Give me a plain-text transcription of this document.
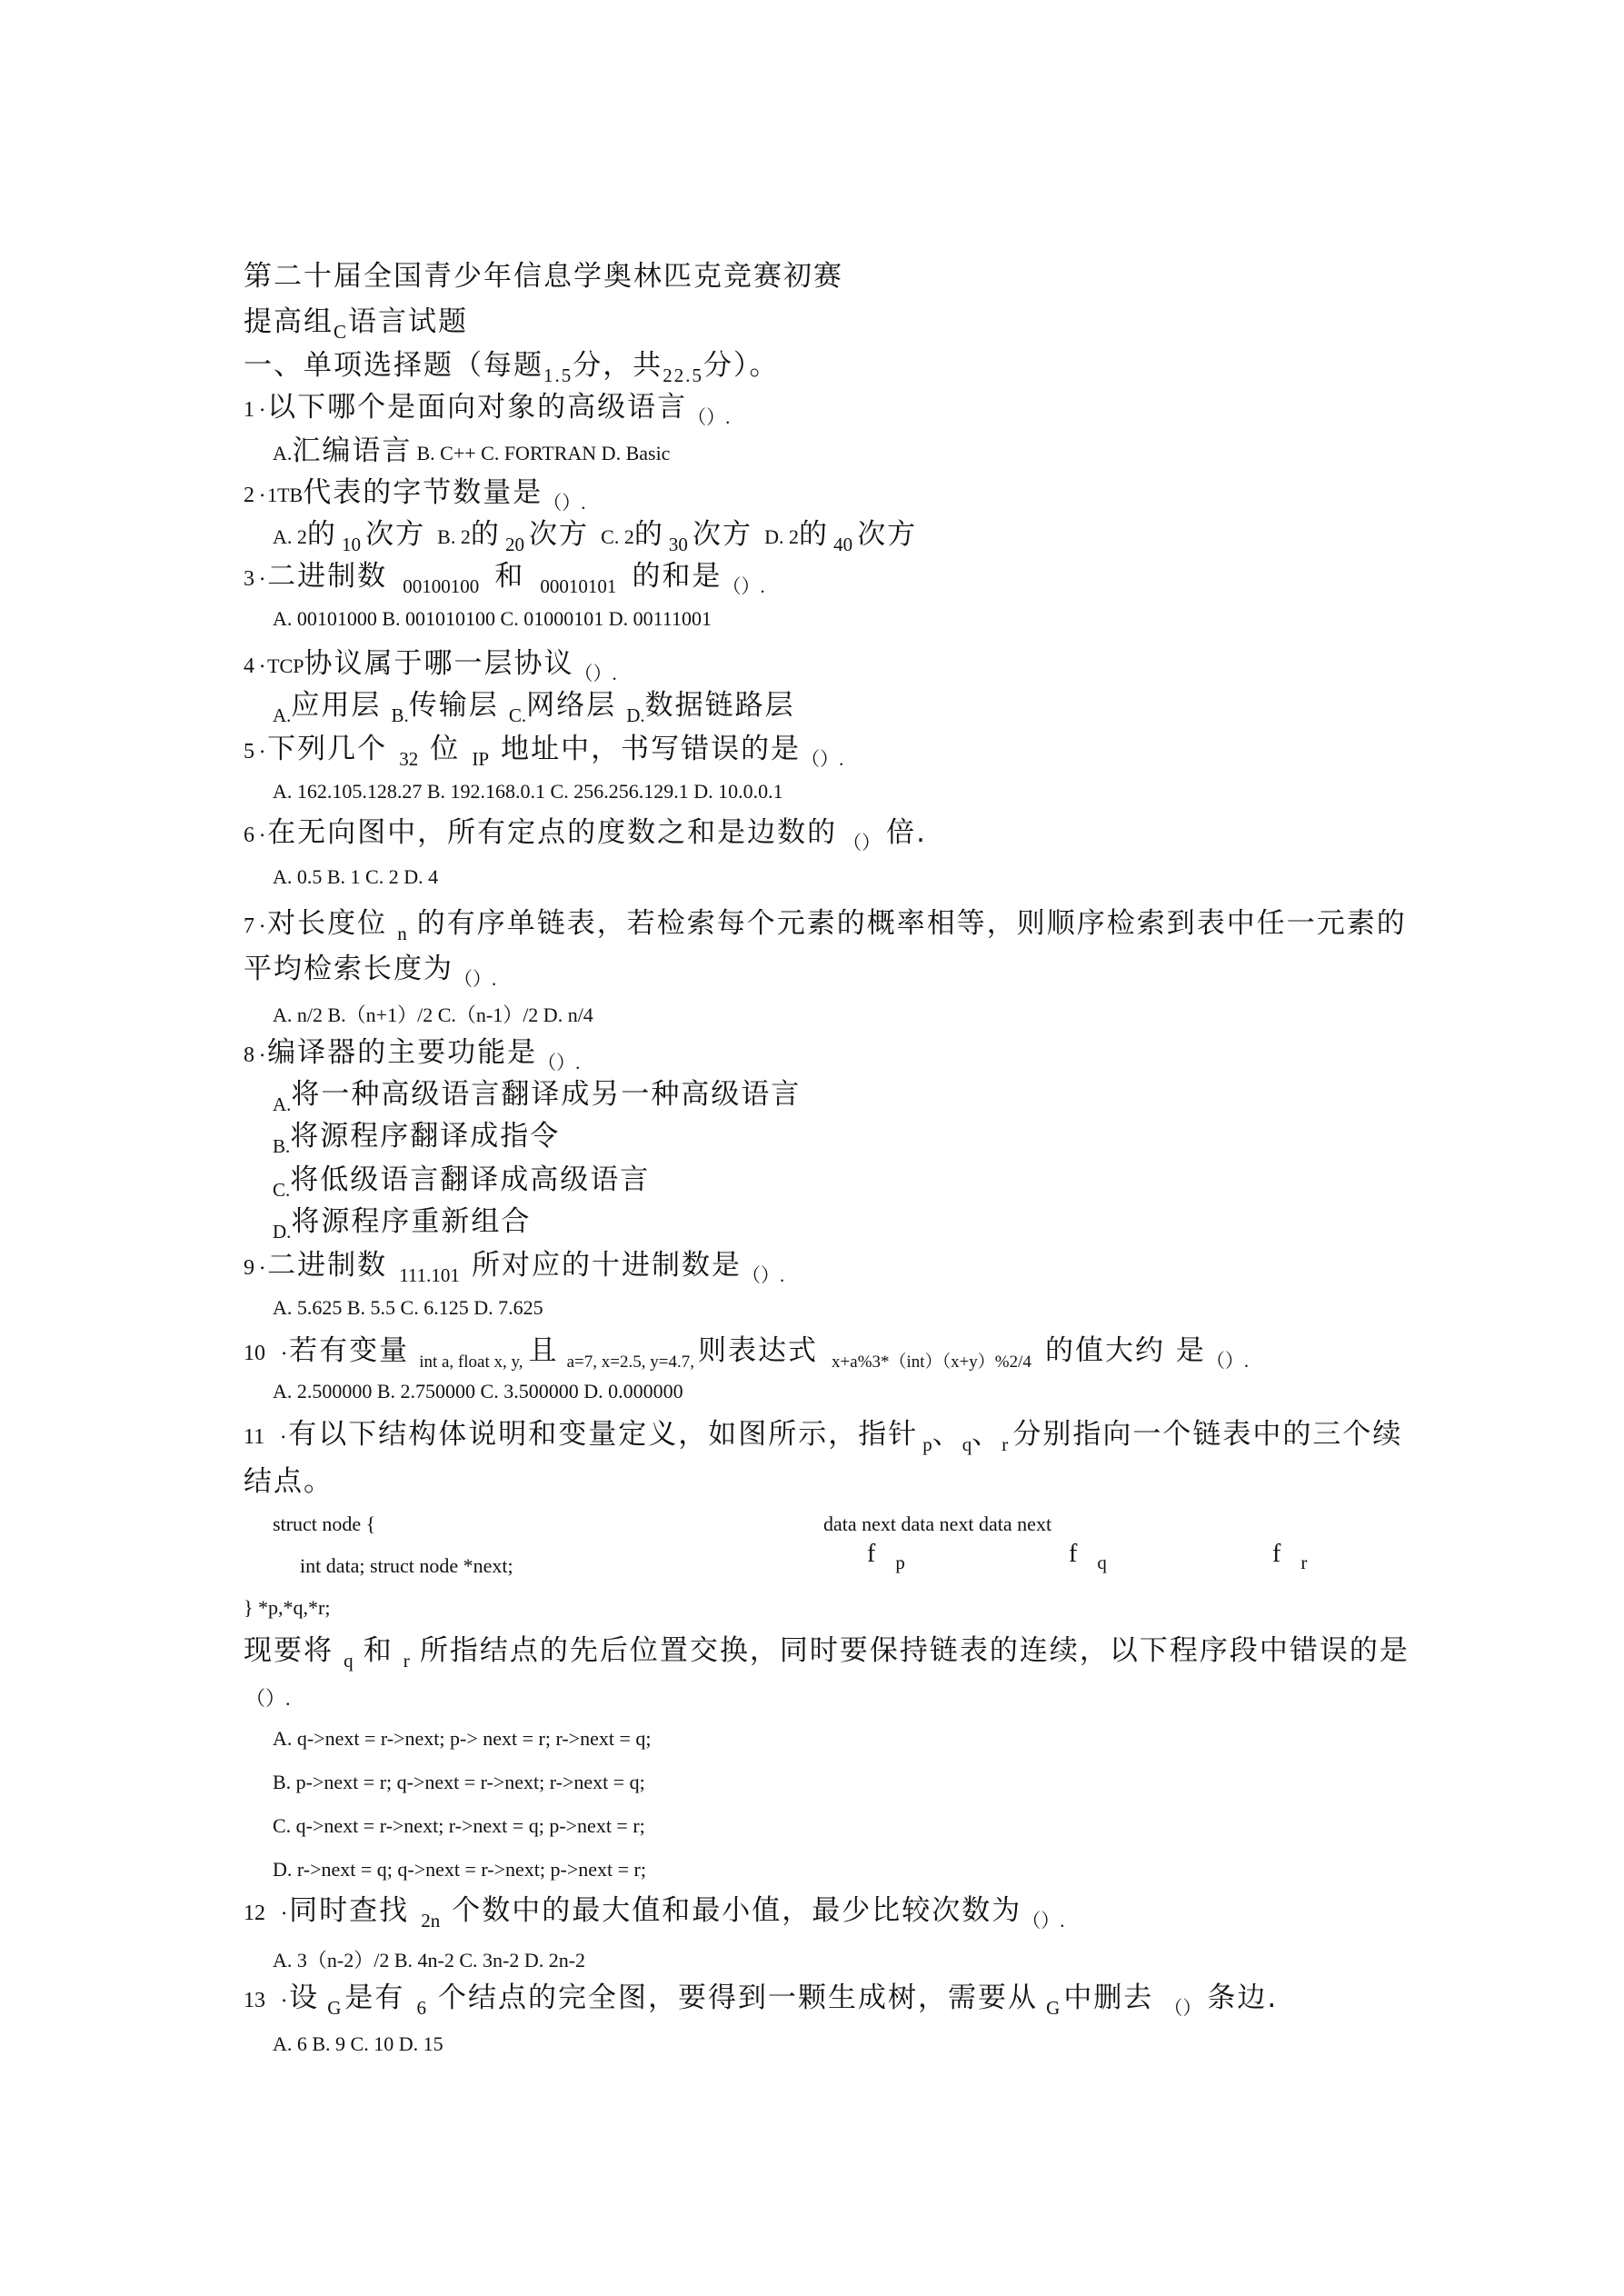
第二十届全国青少年信息学奥林匹克竞赛初赛
提高组$_C$语言试题
一、单项选择题（每题$_{1.5}$分，共$_{22.5}$分）。
1 .以下哪个是面向对象的高级语言（）.
A.汇编语言 B. C++ C. FORTRAN D. Basic
2 .1TB代表的字节数量是（）.
A. 2的 10 次方 B. 2的 20 次方 C. 2的 30 次方 D. 2的 40 次方
3 .二进制数 00100100 和 00010101 的和是（）.
A. 00101000 B. 001010100 C. 01000101 D. 00111001
4 .TCP协议属于哪一层协议（）.
A.应用层 B.传输层 C.网络层 D.数据链路层
5 .下列几个 32 位 IP 地址中，书写错误的是（）.
A. 162.105.128.27 B. 192.168.0.1 C. 256.256.129.1 D. 10.0.0.1
6 .在无向图中，所有定点的度数之和是边数的 （） 倍.
A. 0.5 B. 1 C. 2 D. 4
7 .对长度位 n 的有序单链表，若检索每个元素的概率相等，则顺序检索到表中任一元素的
平均检索长度为（）.
A. n/2 B.（n+1）/2 C.（n-1）/2 D. n/4
8 .编译器的主要功能是（）.
A.将一种高级语言翻译成另一种高级语言
B.将源程序翻译成指令
C.将低级语言翻译成高级语言
D.将源程序重新组合
9 .二进制数 111.101 所对应的十进制数是（）.
A. 5.625 B. 5.5 C. 6.125 D. 7.625
10 .若有变量 int a, float x, y, 且 a=7, x=2.5, y=4.7, 则表达式 x+a%3*（int）（x+y）%2/4 的值大约 是（）.
A. 2.500000 B. 2.750000 C. 3.500000 D. 0.000000
11 .有以下结构体说明和变量定义，如图所示，指针 p、q、r 分别指向一个链表中的三个续
结点。
struct node {
int data; struct node *next;
} *p,*q,*r;
data next data next data next
f p	f q	f r
现要将 q 和 r 所指结点的先后位置交换，同时要保持链表的连续，以下程序段中错误的是
（）.
A. q->next = r->next; p-> next = r; r->next = q;
B. p->next = r; q->next = r->next; r->next = q;
C. q->next = r->next; r->next = q; p->next = r;
D. r->next = q; q->next = r->next; p->next = r;
12 .同时查找 2n 个数中的最大值和最小值，最少比较次数为（）.
A. 3（n-2）/2 B. 4n-2 C. 3n-2 D. 2n-2
13 .设 G 是有 6 个结点的完全图，要得到一颗生成树，需要从 G 中删去 （） 条边.
A. 6 B. 9 C. 10 D. 15
